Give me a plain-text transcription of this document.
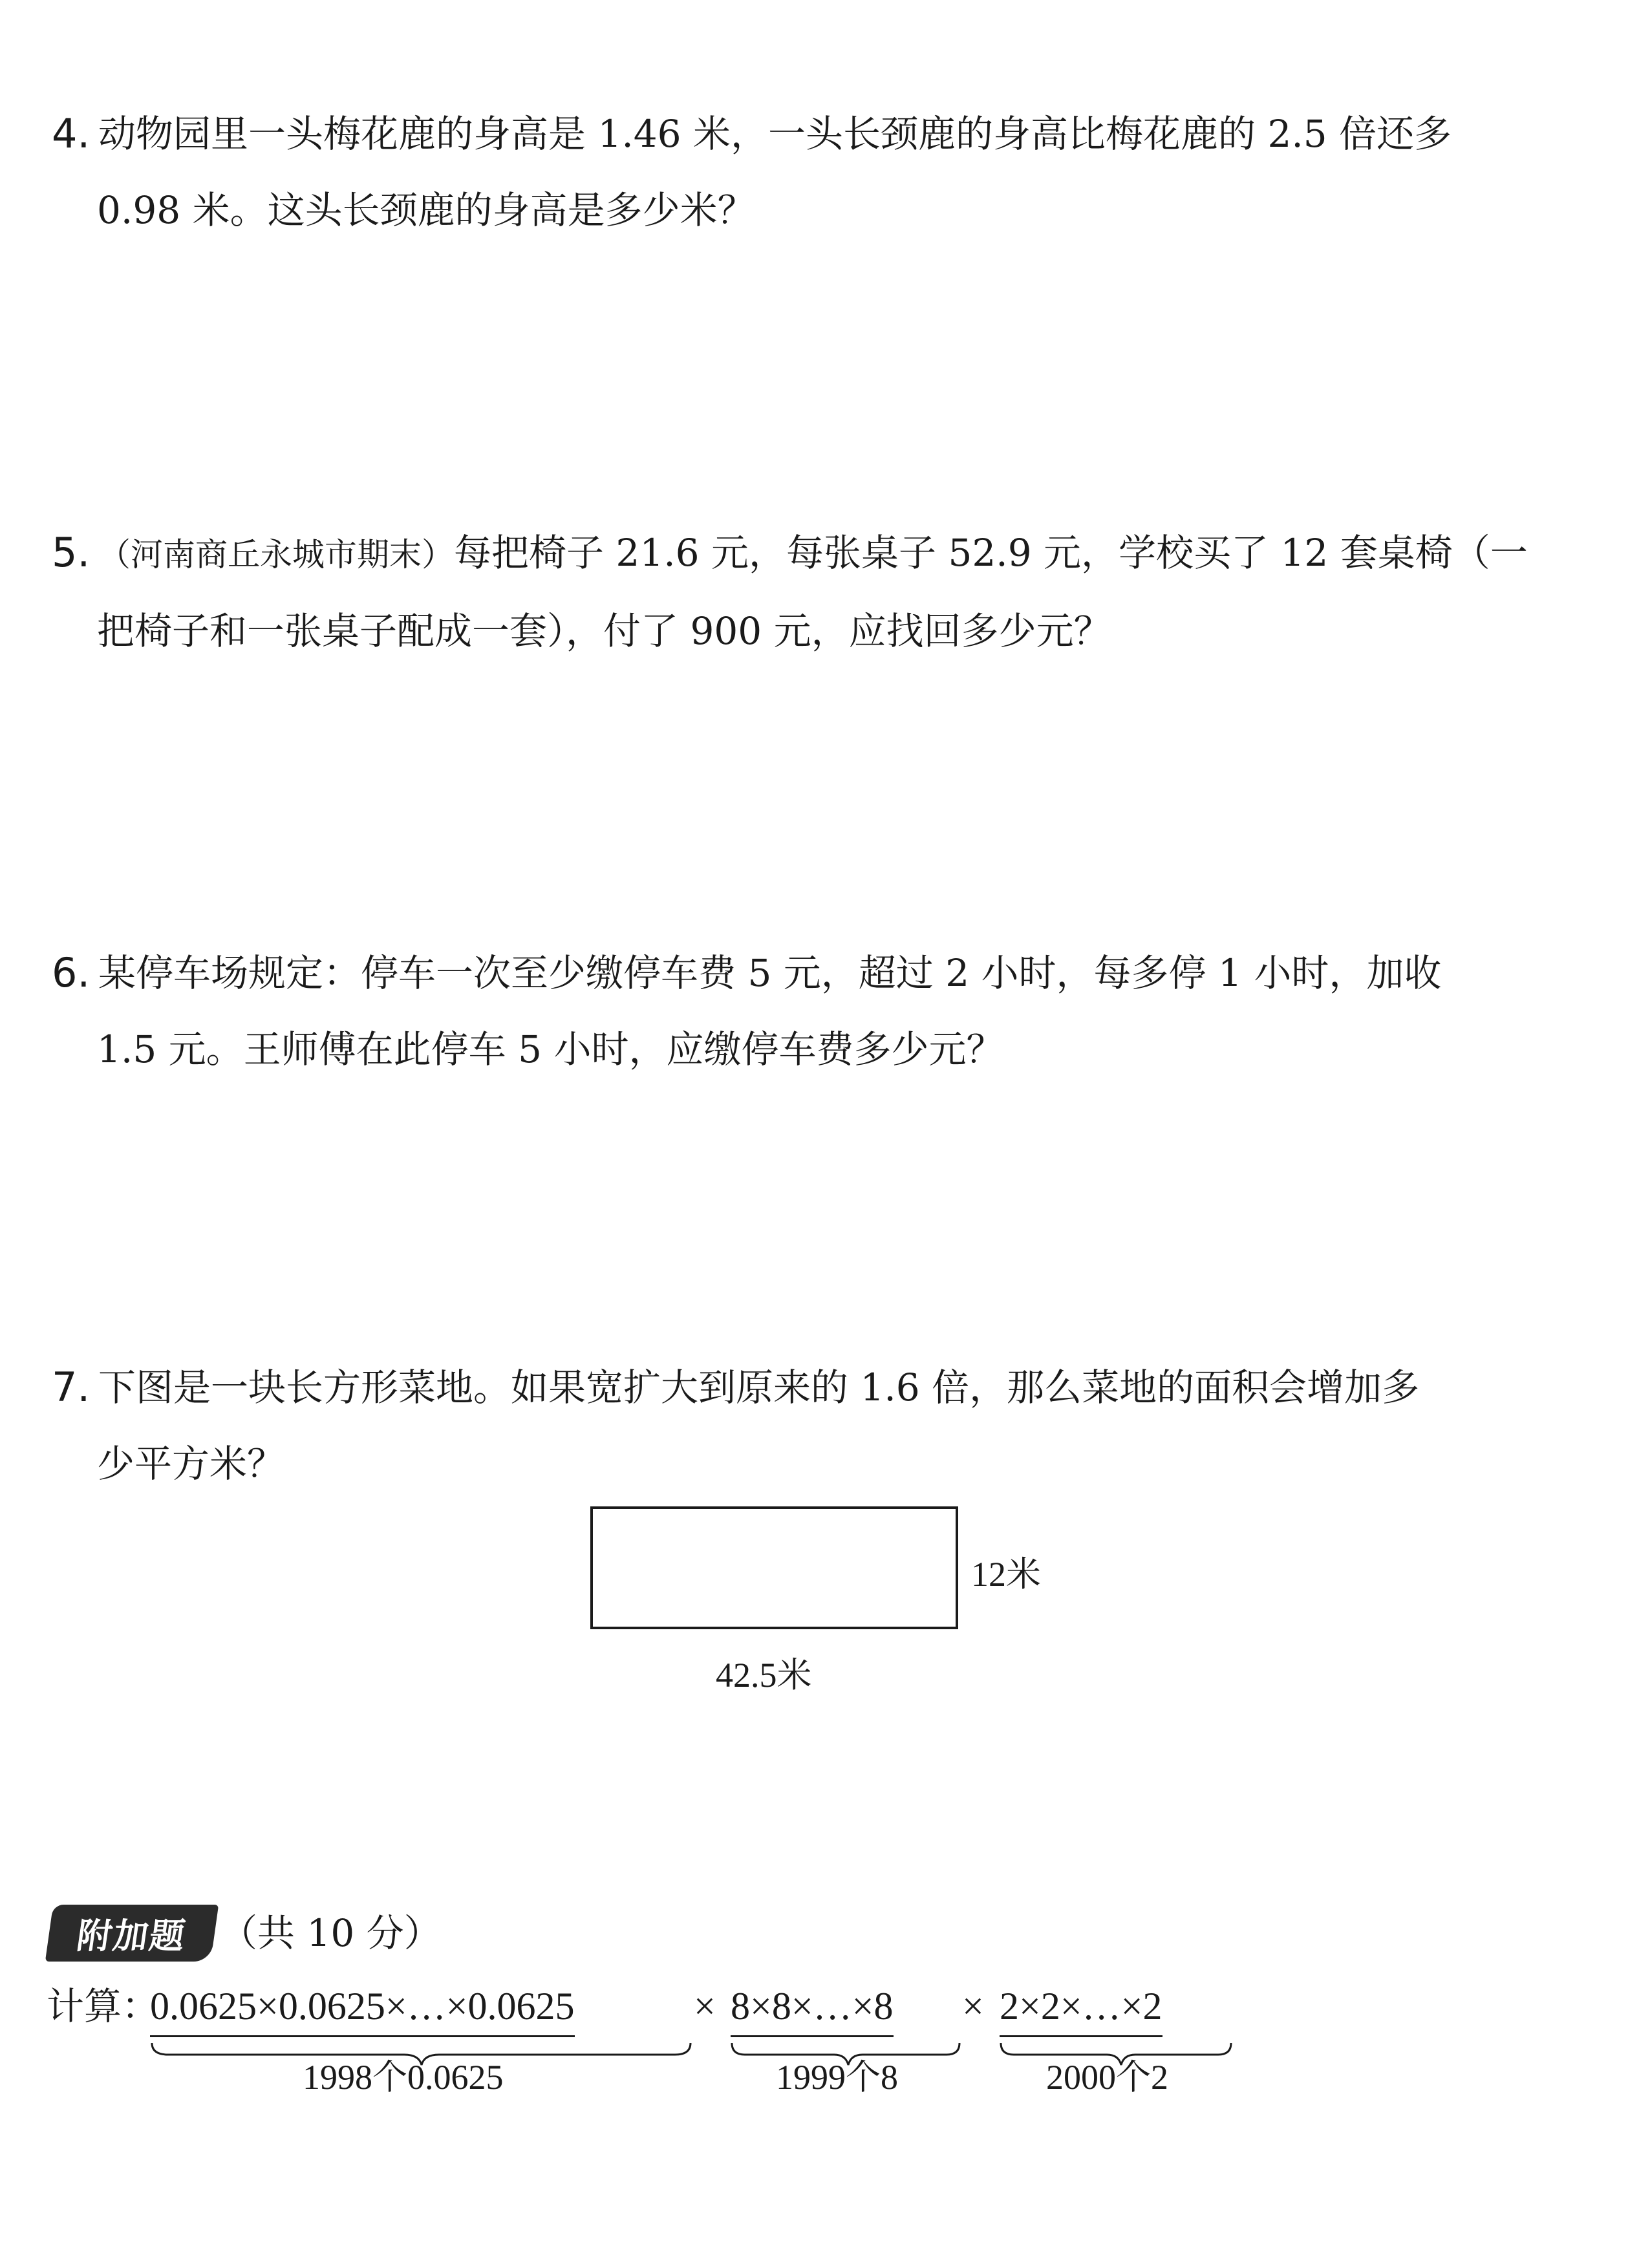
4. 动物园里一头梅花鹿的身高是 1.46 米，一头长颈鹿的身高比梅花鹿的 2.5 倍还多
0.98 米。这头长颈鹿的身高是多少米？
5. （河南商丘永城市期末）每把椅子 21.6 元，每张桌子 52.9 元，学校买了 12 套桌椅（一
把椅子和一张桌子配成一套），付了 900 元，应找回多少元？
6. 某停车场规定：停车一次至少缴停车费 5 元，超过 2 小时，每多停 1 小时，加收
1.5 元。王师傅在此停车 5 小时，应缴停车费多少元？
7. 下图是一块长方形菜地。如果宽扩大到原来的 1.6 倍，那么菜地的面积会增加多
少平方米？
12米
42.5米
附加题 （共 10 分）
计算：
0.0625×0.0625×…×0.0625	× 8×8×…×8 × 2×2×…×2
1998个0.0625	1999个8	2000个2
